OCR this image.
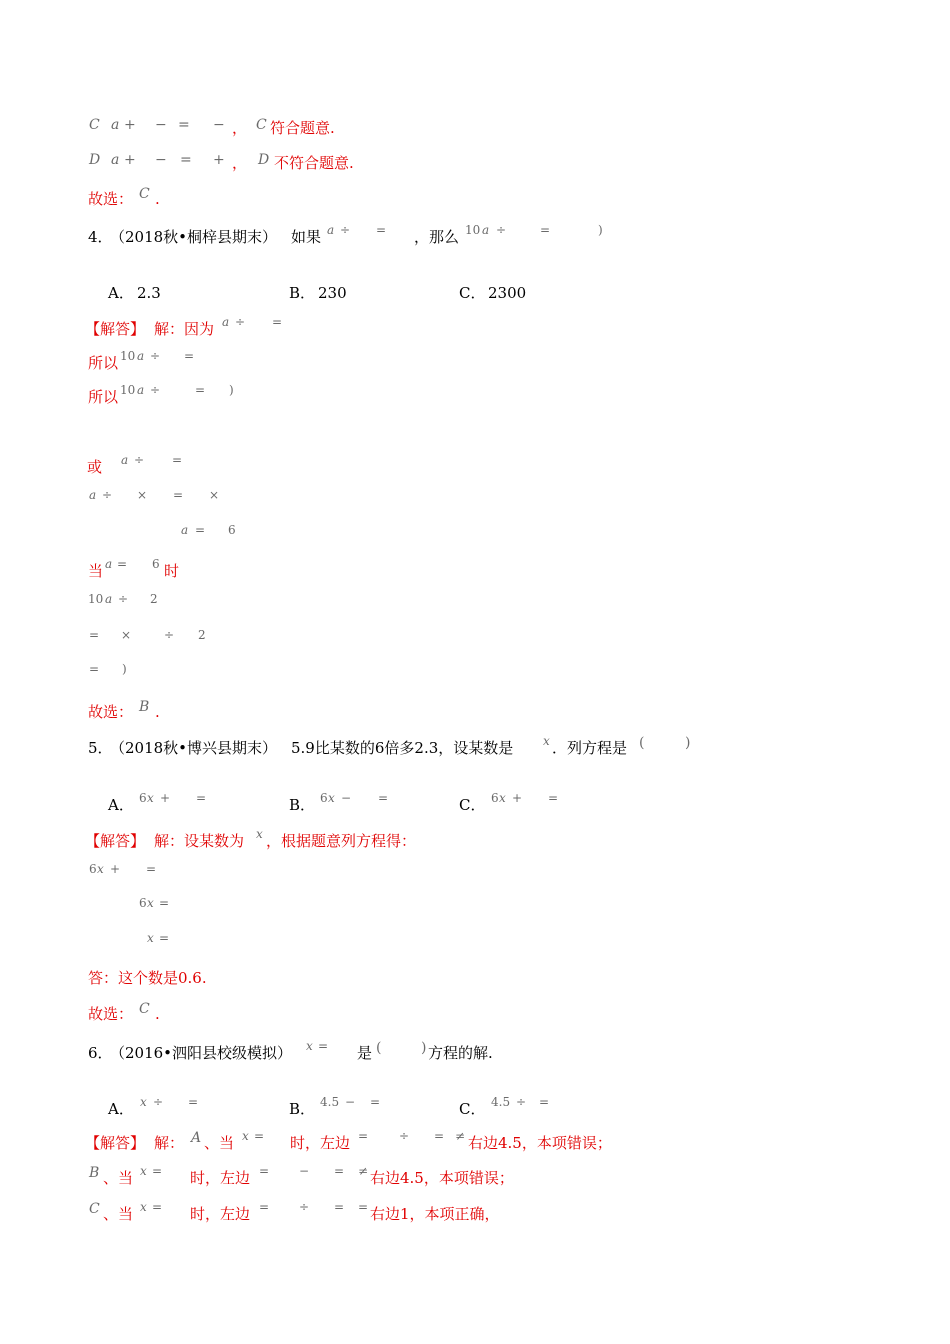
C a + − = − ， C 符合题意.
D a + − = + ， D 不符合题意.
故选： C .
4．
（2018秋•桐梓县期末） 如果 a ÷ = ，那么 10 a ÷	=	)
A． 2.3	B． 230	C． 2300
【解答】 解：因为 a ÷ =
所以 10 a ÷ =
所以 10 a ÷	= )
或 a ÷ =
a ÷ × = ×
a = 6
当 a = 6 时
10 a ÷ 2
= ×	÷ 2
= )
故选： B .
5．
（2018秋•博兴县期末） 5.9比某数的6倍多2.3，设某数是 x ．列方程是 (	)
A． 6 x + =	B． 6 x − =	C． 6 x + =
【解答】 解：设某数为 x ，根据题意列方程得：
6 x + =
6 x =
x =
答：这个数是0.6.
故选： C .
6．
（2016•泗阳县校级模拟） x = 是 (	) 方程的解.
A． x ÷ =	B． 4.5 − =	C． 4.5 ÷ =
【解答】 解： A 、当 x = 时，左边 =	÷ = ≠ 右边4.5，本项错误；
B 、当 x = 时，左边 = − = ≠ 右边4.5，本项错误；
C 、当 x = 时，左边 = ÷ = = 右边1，本项正确，
